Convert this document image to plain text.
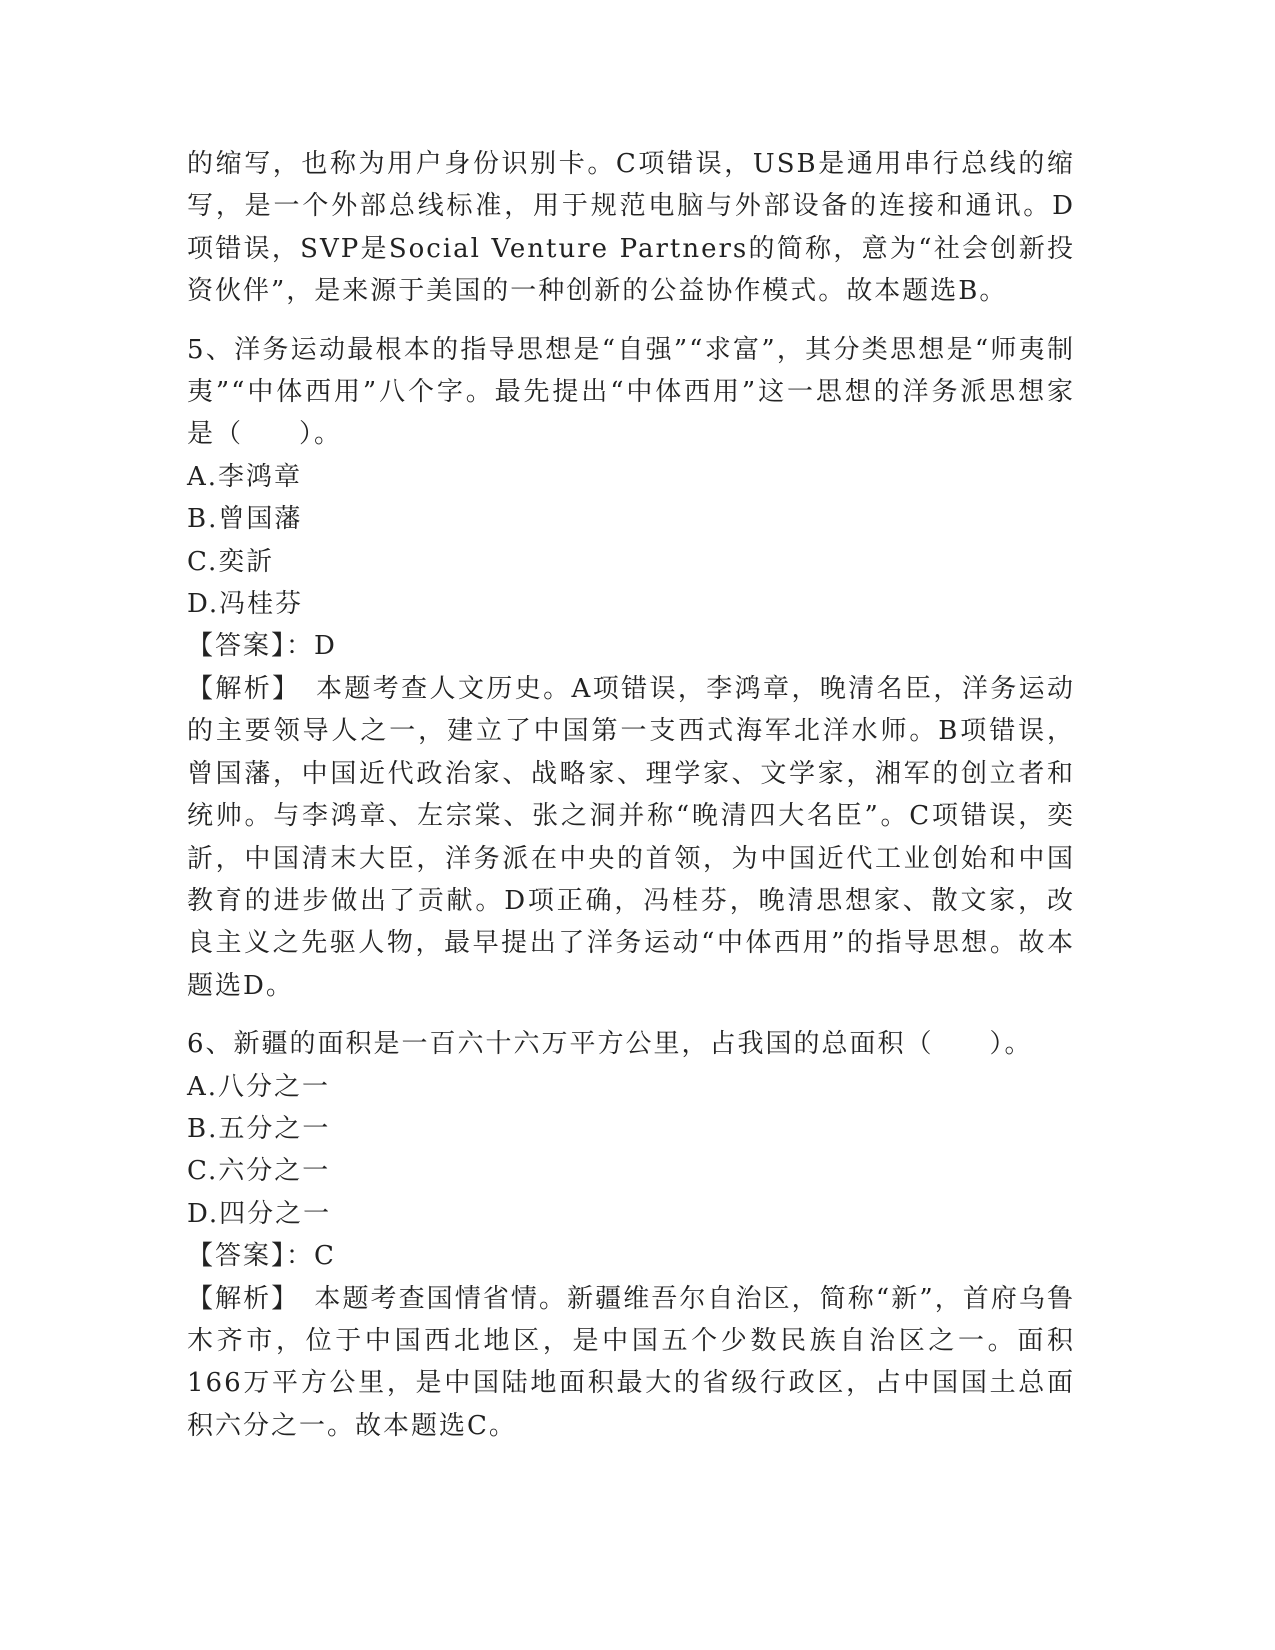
的缩写，也称为用户身份识别卡。C项错误，USB是通用串行总线的缩写，是一个外部总线标准，用于规范电脑与外部设备的连接和通讯。D项错误，SVP是Social Venture Partners的简称，意为“社会创新投资伙伴”，是来源于美国的一种创新的公益协作模式。故本题选B。

5、洋务运动最根本的指导思想是“自强”“求富”，其分类思想是“师夷制夷”“中体西用”八个字。最先提出“中体西用”这一思想的洋务派思想家是（　　）。

A.李鸿章

B.曾国藩

C.奕訢

D.冯桂芬

【答案】：D

【解析】　本题考查人文历史。A项错误，李鸿章，晚清名臣，洋务运动的主要领导人之一，建立了中国第一支西式海军北洋水师。B项错误，曾国藩，中国近代政治家、战略家、理学家、文学家，湘军的创立者和统帅。与李鸿章、左宗棠、张之洞并称“晚清四大名臣”。C项错误，奕訢，中国清末大臣，洋务派在中央的首领，为中国近代工业创始和中国教育的进步做出了贡献。D项正确，冯桂芬，晚清思想家、散文家，改良主义之先驱人物，最早提出了洋务运动“中体西用”的指导思想。故本题选D。

6、新疆的面积是一百六十六万平方公里，占我国的总面积（　　）。

A.八分之一

B.五分之一

C.六分之一

D.四分之一

【答案】：C

【解析】　本题考查国情省情。新疆维吾尔自治区，简称“新”，首府乌鲁木齐市，位于中国西北地区，是中国五个少数民族自治区之一。面积166万平方公里，是中国陆地面积最大的省级行政区，占中国国土总面积六分之一。故本题选C。
